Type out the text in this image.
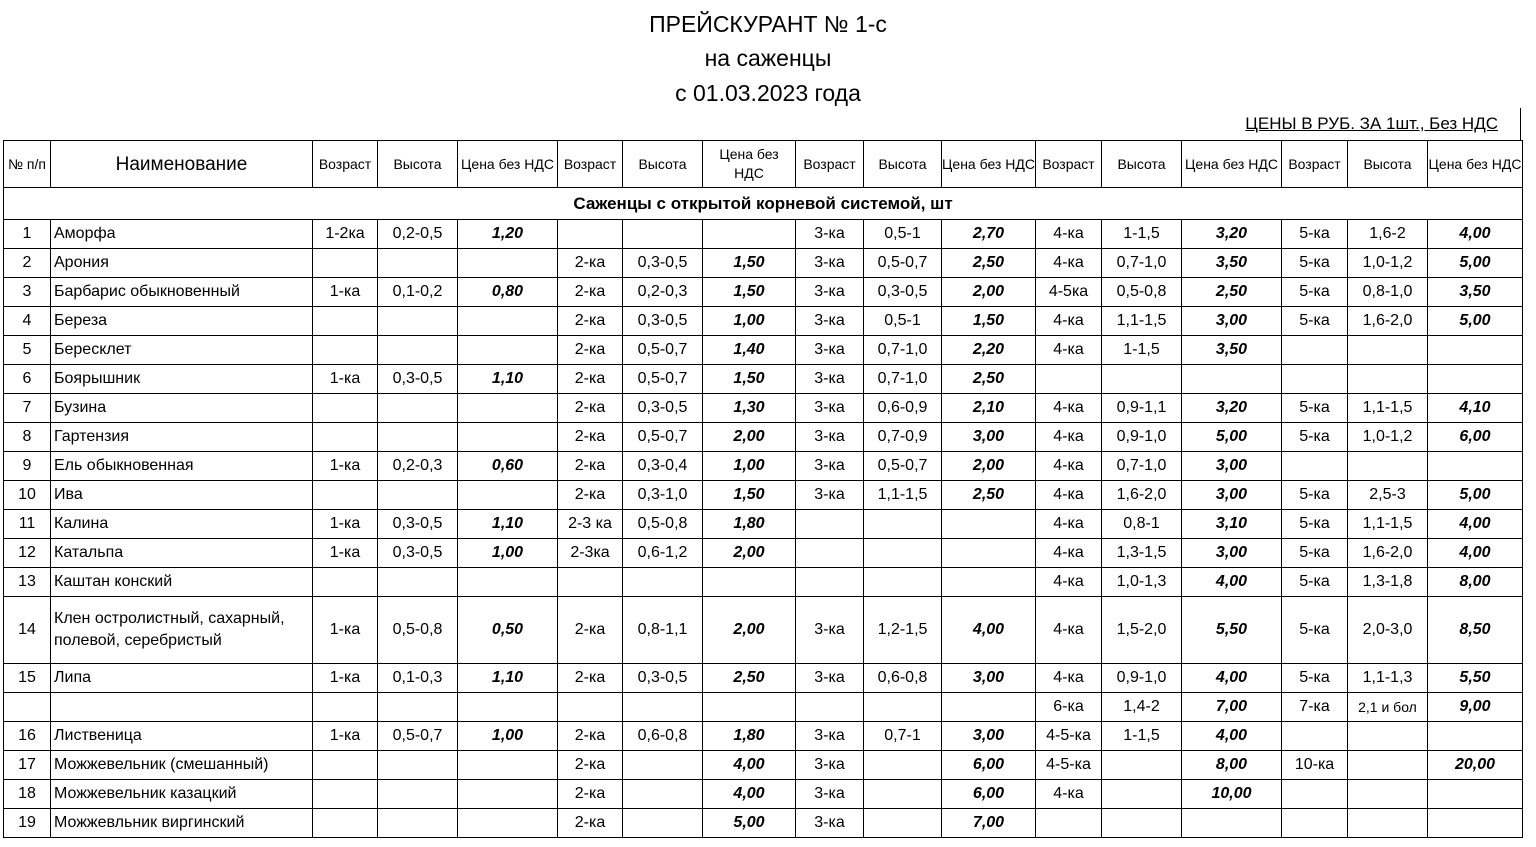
ПРЕЙСКУРАНТ № 1-с
на саженцы
с 01.03.2023 года
ЦЕНЫ В РУБ. ЗА 1шт., Без НДС
№ п/п	Наименование	Возраст	Высота	Цена без НДС	Возраст	Высота	Цена без НДС	Возраст	Высота	Цена без НДС	Возраст	Высота	Цена без НДС	Возраст	Высота	Цена без НДС
Саженцы с открытой корневой системой, шт																
1	Аморфа	1-2ка	0,2-0,5	1,20				3-ка	0,5-1	2,70	4-ка	1-1,5	3,20	5-ка	1,6-2	4,00
2	Арония				2-ка	0,3-0,5	1,50	3-ка	0,5-0,7	2,50	4-ка	0,7-1,0	3,50	5-ка	1,0-1,2	5,00
3	Барбарис обыкновенный	1-ка	0,1-0,2	0,80	2-ка	0,2-0,3	1,50	3-ка	0,3-0,5	2,00	4-5ка	0,5-0,8	2,50	5-ка	0,8-1,0	3,50
4	Береза				2-ка	0,3-0,5	1,00	3-ка	0,5-1	1,50	4-ка	1,1-1,5	3,00	5-ка	1,6-2,0	5,00
5	Бересклет				2-ка	0,5-0,7	1,40	3-ка	0,7-1,0	2,20	4-ка	1-1,5	3,50			
6	Боярышник	1-ка	0,3-0,5	1,10	2-ка	0,5-0,7	1,50	3-ка	0,7-1,0	2,50						
7	Бузина				2-ка	0,3-0,5	1,30	3-ка	0,6-0,9	2,10	4-ка	0,9-1,1	3,20	5-ка	1,1-1,5	4,10
8	Гартензия				2-ка	0,5-0,7	2,00	3-ка	0,7-0,9	3,00	4-ка	0,9-1,0	5,00	5-ка	1,0-1,2	6,00
9	Ель обыкновенная	1-ка	0,2-0,3	0,60	2-ка	0,3-0,4	1,00	3-ка	0,5-0,7	2,00	4-ка	0,7-1,0	3,00			
10	Ива				2-ка	0,3-1,0	1,50	3-ка	1,1-1,5	2,50	4-ка	1,6-2,0	3,00	5-ка	2,5-3	5,00
11	Калина	1-ка	0,3-0,5	1,10	2-3 ка	0,5-0,8	1,80				4-ка	0,8-1	3,10	5-ка	1,1-1,5	4,00
12	Катальпа	1-ка	0,3-0,5	1,00	2-3ка	0,6-1,2	2,00				4-ка	1,3-1,5	3,00	5-ка	1,6-2,0	4,00
13	Каштан конский										4-ка	1,0-1,3	4,00	5-ка	1,3-1,8	8,00
14	Клен остролистный, сахарный, полевой, серебристый	1-ка	0,5-0,8	0,50	2-ка	0,8-1,1	2,00	3-ка	1,2-1,5	4,00	4-ка	1,5-2,0	5,50	5-ка	2,0-3,0	8,50
15	Липа	1-ка	0,1-0,3	1,10	2-ка	0,3-0,5	2,50	3-ка	0,6-0,8	3,00	4-ка	0,9-1,0	4,00	5-ка	1,1-1,3	5,50
											6-ка	1,4-2	7,00	7-ка	2,1 и бол	9,00
16	Лиственица	1-ка	0,5-0,7	1,00	2-ка	0,6-0,8	1,80	3-ка	0,7-1	3,00	4-5-ка	1-1,5	4,00			
17	Можжевельник (смешанный)				2-ка		4,00	3-ка		6,00	4-5-ка		8,00	10-ка		20,00
18	Можжевельник казацкий				2-ка		4,00	3-ка		6,00	4-ка		10,00			
19	Можжевльник виргинский				2-ка		5,00	3-ка		7,00						
